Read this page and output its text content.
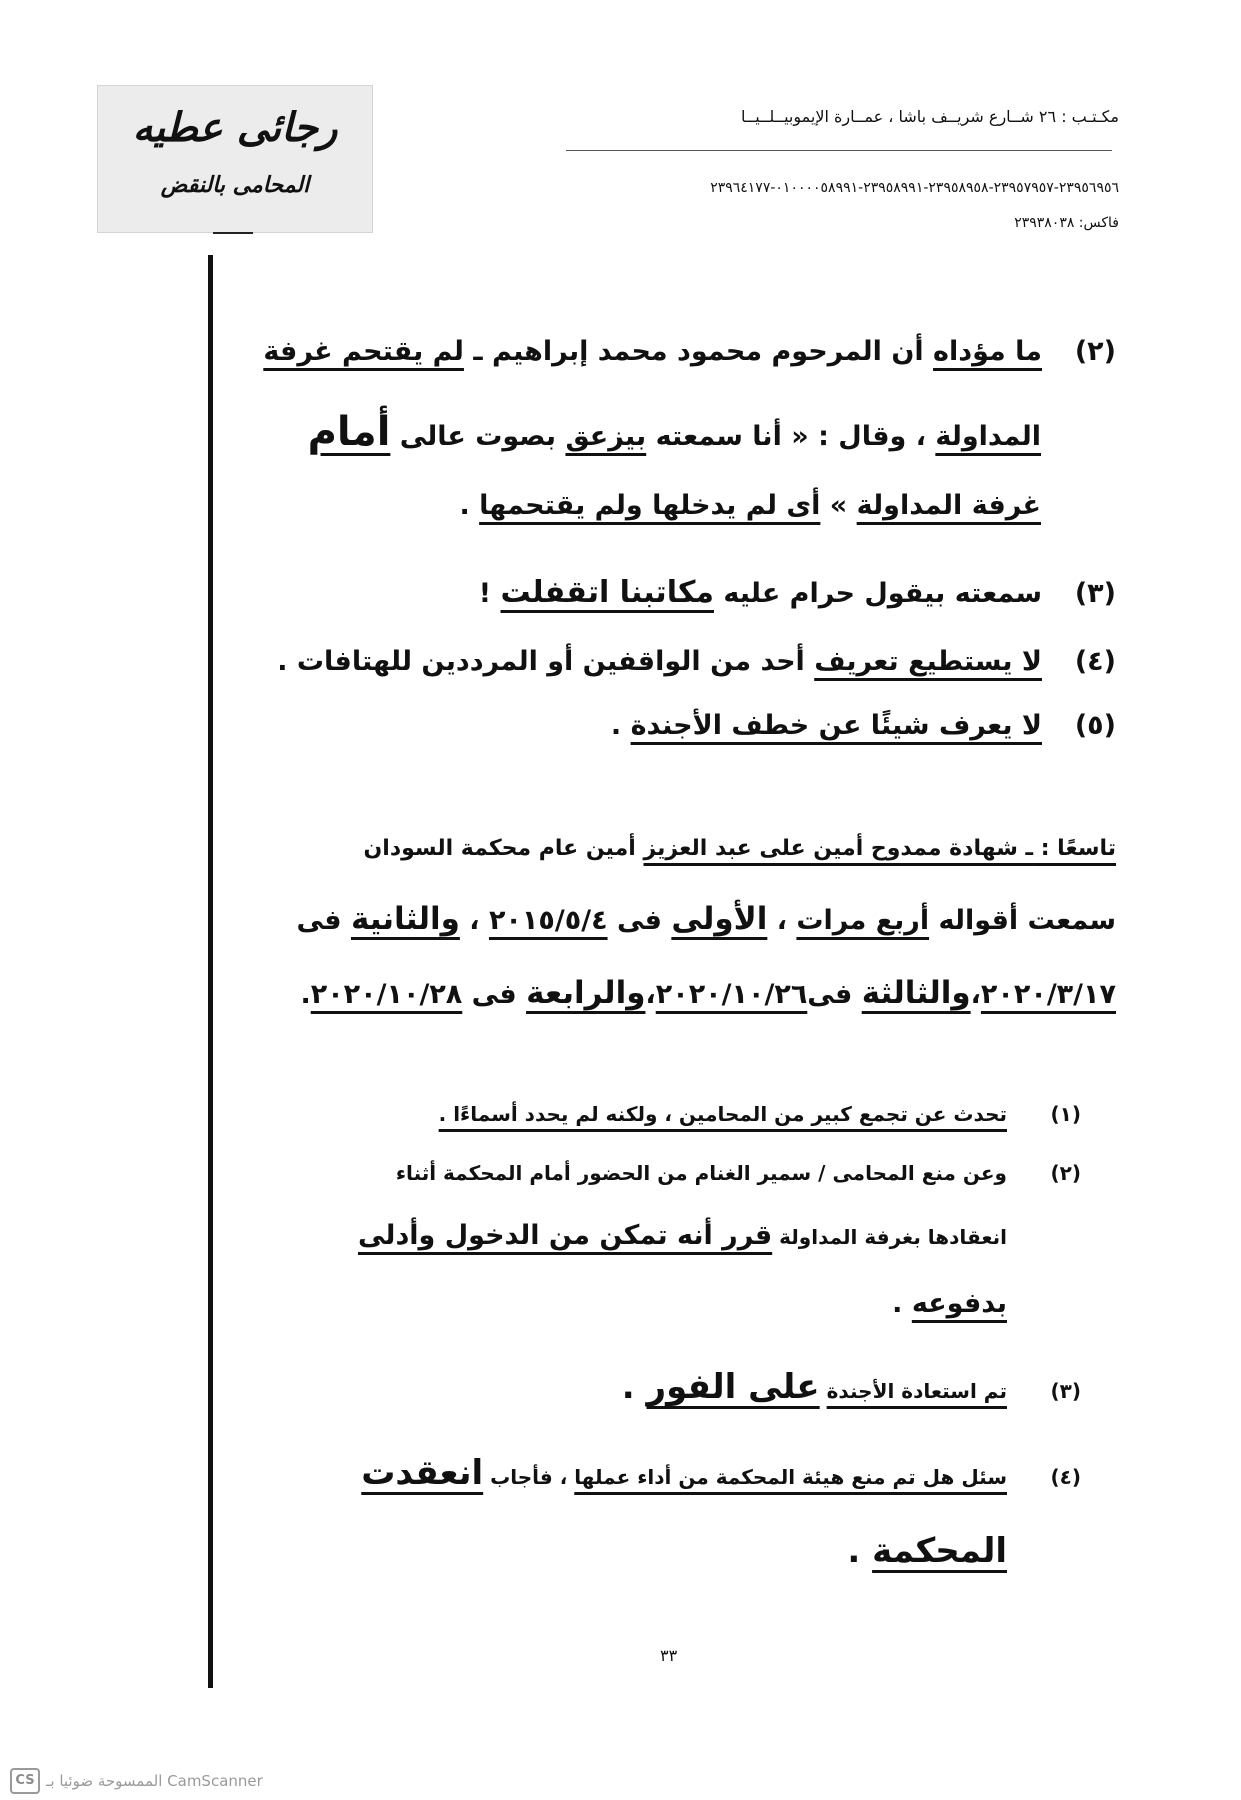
رجائى عطيه
المحامى بالنقض
مكـتـب : ٢٦ شــارع شريــف باشا ، عمــارة الإيموبيــلــيــا
٢٣٩٥٦٩٥٦-٢٣٩٥٧٩٥٧-٢٣٩٥٨٩٥٨-٢٣٩٥٨٩٩١-٠١٠٠٠٠٥٨٩٩١-٢٣٩٦٤١٧٧
فاكس: ٢٣٩٣٨٠٣٨
(٢)ما مؤداه أن المرحوم محمود محمد إبراهيم ـ لم يقتحم غرفة
المداولة ، وقال : « أنا سمعته بيزعق بصوت عالى أمام
غرفة المداولة » أى لم يدخلها ولم يقتحمها .
(٣)سمعته بيقول حرام عليه مكاتبنا اتقفلت !
(٤)لا يستطيع تعريف أحد من الواقفين أو المرددين للهتافات .
(٥)لا يعرف شيئًا عن خطف الأجندة .
تاسعًا : ـ شهادة ممدوح أمين على عبد العزيز أمين عام محكمة السودان
سمعت أقواله أربع مرات ، الأولى فى ٢٠١٥/٥/٤ ، والثانية فى
٢٠٢٠/٣/١٧،والثالثة فى٢٠٢٠/١٠/٢٦،والرابعة فى ٢٠٢٠/١٠/٢٨.
(١)تحدث عن تجمع كبير من المحامين ، ولكنه لم يحدد أسماءًا .
(٢)وعن منع المحامى / سمير الغنام من الحضور أمام المحكمة أثناء
انعقادها بغرفة المداولة قرر أنه تمكن من الدخول وأدلى
بدفوعه .
(٣)تم استعادة الأجندة على الفور .
(٤)سئل هل تم منع هيئة المحكمة من أداء عملها ، فأجاب انعقدت
المحكمة .
٣٣
CS الممسوحة ضوئيا بـ CamScanner
